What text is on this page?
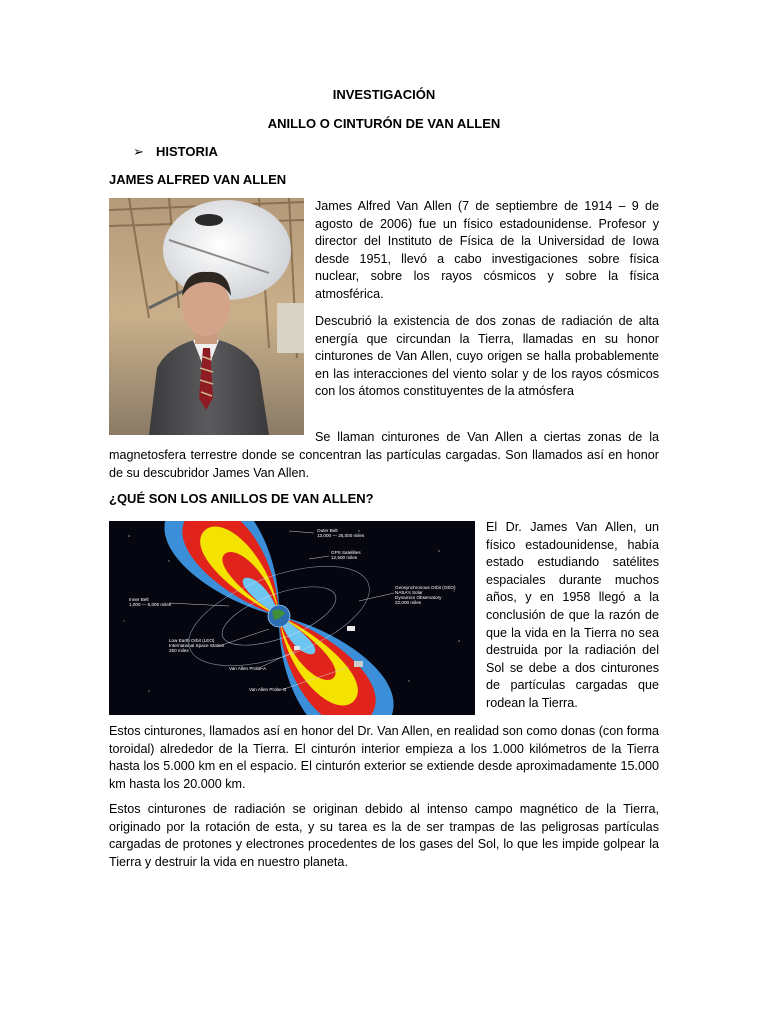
INVESTIGACIÓN
ANILLO O CINTURÓN DE VAN ALLEN
➢ HISTORIA
JAMES ALFRED VAN ALLEN
James Alfred Van Allen (7 de septiembre de 1914 – 9 de agosto de 2006) fue un físico estadounidense. Profesor y director del Instituto de Física de la Universidad de Iowa desde 1951, llevó a cabo investigaciones sobre física nuclear, sobre los rayos cósmicos y sobre la física atmosférica.
Descubrió la existencia de dos zonas de radiación de alta energía que circundan la Tierra, llamadas en su honor cinturones de Van Allen, cuyo origen se halla probablemente en las interacciones del viento solar y de los rayos cósmicos con los átomos constituyentes de la atmósfera
Se llaman cinturones de Van Allen a ciertas zonas de la
magnetosfera terrestre donde se concentran las partículas cargadas. Son llamados así en honor de su descubridor James Van Allen.
¿QUÉ SON LOS ANILLOS DE VAN ALLEN?
Outer Belt
13,000 — 25,000 miles
GPS Satellites
12,500 miles
Geosynchronous Orbit (GEO)
NASA's Solar
Dynamics Observatory
22,000 miles
Inner Belt
1,000 — 6,000 miles
Low Earth Orbit (LEO)
International Space Station
250 miles
Van Allen Probe-A
Van Allen Probe-B
El Dr. James Van Allen, un físico estadounidense, había estado estudiando satélites espaciales durante muchos años, y en 1958 llegó a la conclusión de que la razón de que la vida en la Tierra no sea destruida por la radiación del Sol se debe a dos cinturones de partículas cargadas que rodean la Tierra.
Estos cinturones, llamados así en honor del Dr. Van Allen, en realidad son como donas (con forma toroidal) alrededor de la Tierra. El cinturón interior empieza a los 1.000 kilómetros de la Tierra hasta los 5.000 km en el espacio. El cinturón exterior se extiende desde aproximadamente 15.000 km hasta los 20.000 km.
Estos cinturones de radiación se originan debido al intenso campo magnético de la Tierra, originado por la rotación de esta, y su tarea es la de ser trampas de las peligrosas partículas cargadas de protones y electrones procedentes de los gases del Sol, lo que les impide golpear la Tierra y destruir la vida en nuestro planeta.
